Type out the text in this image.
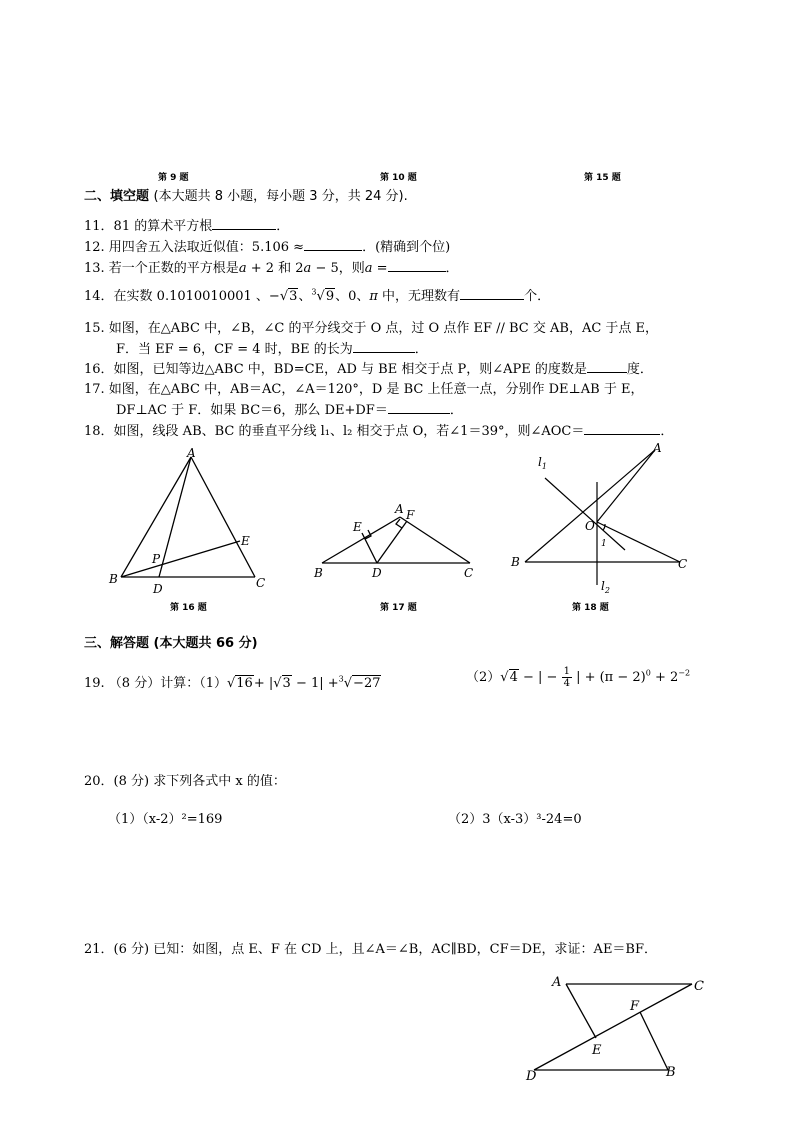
第 9 题	第 10 题	第 15 题
二、填空题 (本大题共 8 小题，每小题 3 分，共 24 分).
11．81 的算术平方根	．
12. 用四舍五入法取近似值：5.106 ≈	．(精确到个位)
13. 若一个正数的平方根是a + 2 和 2a − 5，则a =	．
14．在实数 0.1010010001 、−√3、$^3$√9、0、π 中，无理数有	个．
15. 如图，在△ABC 中，∠B，∠C 的平分线交于 O 点，过 O 点作 EF // BC 交 AB，AC 于点 E，
F．当 EF = 6，CF = 4 时，BE 的长为	．
16．如图，已知等边△ABC 中，BD=CE，AD 与 BE 相交于点 P，则∠APE 的度数是	度．
17. 如图，在△ABC 中，AB＝AC，∠A＝120°，D 是 BC 上任意一点，分别作 DE⊥AB 于 E，
DF⊥AC 于 F．如果 BC＝6，那么 DE+DF＝	．
18．如图，线段 AB、BC 的垂直平分线 l₁、l₂ 相交于点 O，若∠1＝39°，则∠AOC＝	．
A
B	C
D
E
P
A
B	C
D
E
F
$l_1$
A
B	C
O
1
$l_2$
第 16 题	第 17 题	第 18 题
三、解答题 (本大题共 66 分)
19. （8 分）计算：（1）√16+ |√3 − 1| +$^3$√−27	（2）√4 − | − $\frac{1}{4}$ | + $(\pi - 2)^0 + 2^{-2}$
20．(8 分) 求下列各式中 x 的值：
（1）（x-2）²=169	（2）3（x-3）³-24=0
21．(6 分) 已知：如图，点 E、F 在 CD 上，且∠A＝∠B，AC∥BD，CF＝DE，求证：AE＝BF．
A	C
F
E
D	B
